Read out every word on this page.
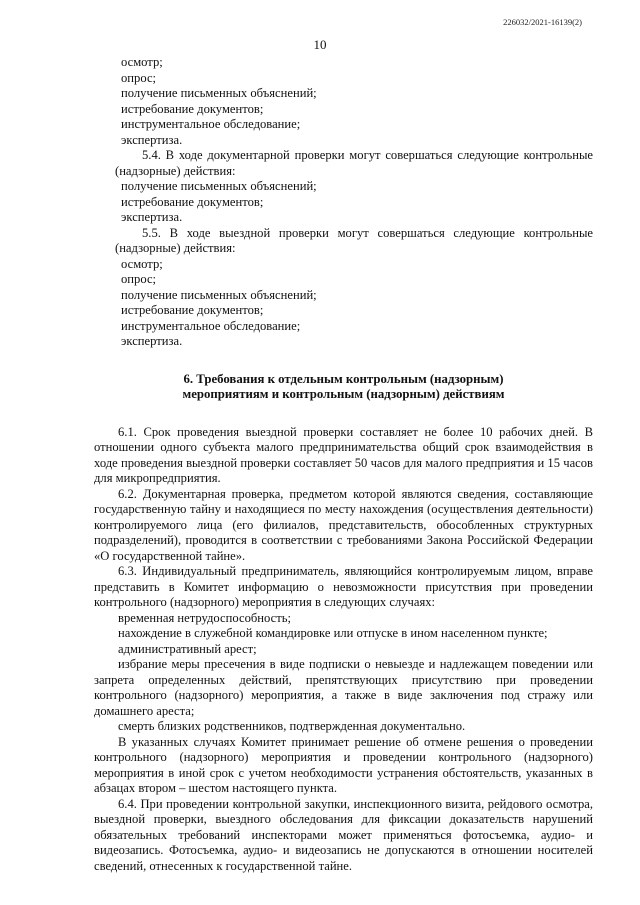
226032/2021-16139(2)
10

осмотр;

опрос;

получение письменных объяснений;

истребование документов;

инструментальное обследование;

экспертиза.

5.4. В ходе документарной проверки могут совершаться следующие контрольные (надзорные) действия:

получение письменных объяснений;

истребование документов;

экспертиза.

5.5. В ходе выездной проверки могут совершаться следующие контрольные (надзорные) действия:

осмотр;

опрос;

получение письменных объяснений;

истребование документов;

инструментальное обследование;

экспертиза.

6. Требования к отдельным контрольным (надзорным)
мероприятиям и контрольным (надзорным) действиям

6.1. Срок проведения выездной проверки составляет не более 10 рабочих дней. В отношении одного субъекта малого предпринимательства общий срок взаимодействия в ходе проведения выездной проверки составляет 50 часов для малого предприятия и 15 часов для микропредприятия.

6.2. Документарная проверка, предметом которой являются сведения, составляющие государственную тайну и находящиеся по месту нахождения (осуществления деятельности) контролируемого лица (его филиалов, представительств, обособленных структурных подразделений), проводится в соответствии с требованиями Закона Российской Федерации «О государственной тайне».

6.3. Индивидуальный предприниматель, являющийся контролируемым лицом, вправе представить в Комитет информацию о невозможности присутствия при проведении контрольного (надзорного) мероприятия в следующих случаях:

временная нетрудоспособность;

нахождение в служебной командировке или отпуске в ином населенном пункте;

административный арест;

избрание меры пресечения в виде подписки о невыезде и надлежащем поведении или запрета определенных действий, препятствующих присутствию при проведении контрольного (надзорного) мероприятия, а также в виде заключения под стражу или домашнего ареста;

смерть близких родственников, подтвержденная документально.

В указанных случаях Комитет принимает решение об отмене решения о проведении контрольного (надзорного) мероприятия и проведении контрольного (надзорного) мероприятия в иной срок с учетом необходимости устранения обстоятельств, указанных в абзацах втором – шестом настоящего пункта.

6.4. При проведении контрольной закупки, инспекционного визита, рейдового осмотра, выездной проверки, выездного обследования для фиксации доказательств нарушений обязательных требований инспекторами может применяться фотосъемка, аудио- и видеозапись. Фотосъемка, аудио- и видеозапись не допускаются в отношении носителей сведений, отнесенных к государственной тайне.
